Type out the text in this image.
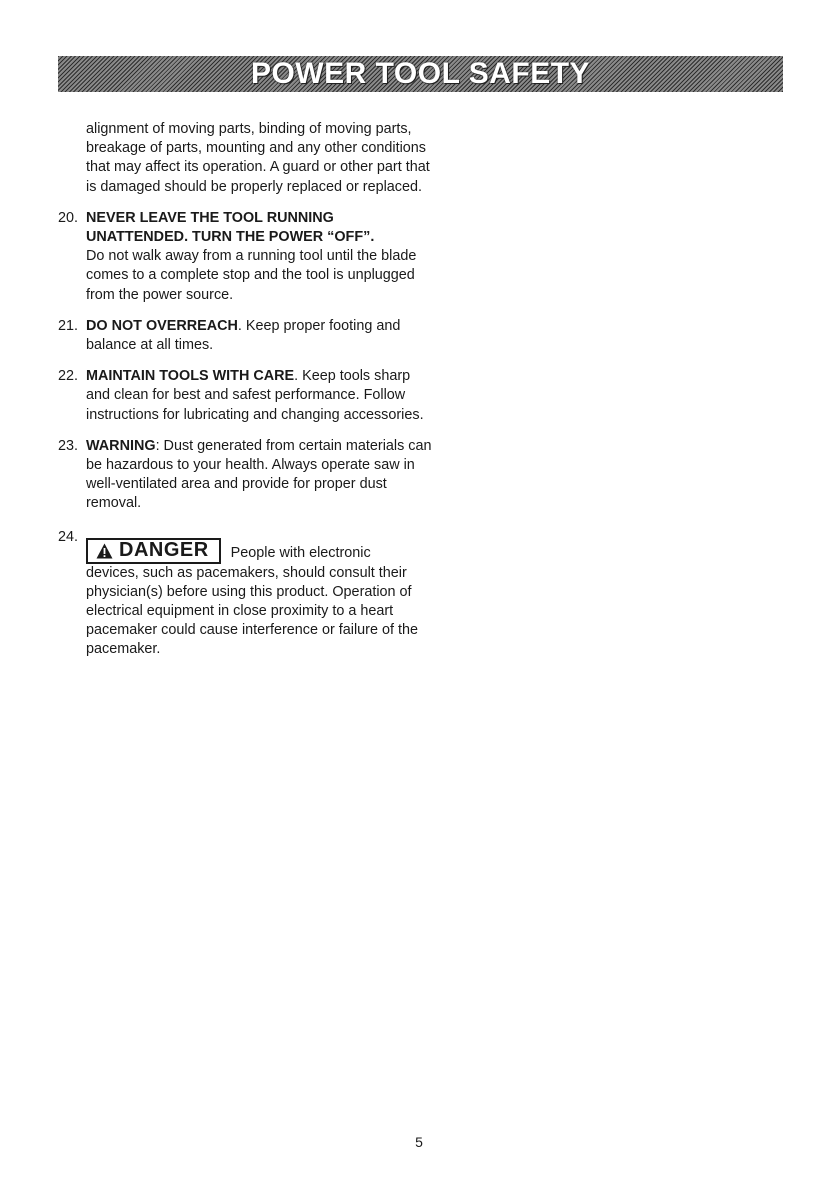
POWER TOOL SAFETY
alignment of moving parts, binding of moving parts, breakage of parts, mounting and any other conditions that may affect its operation. A guard or other part that is damaged should be properly replaced or replaced.
20. NEVER LEAVE THE TOOL RUNNING UNATTENDED. TURN THE POWER “OFF”.
Do not walk away from a running tool until the blade comes to a complete stop and the tool is unplugged from the power source.
21. DO NOT OVERREACH. Keep proper footing and balance at all times.
22. MAINTAIN TOOLS WITH CARE. Keep tools sharp and clean for best and safest performance. Follow instructions for lubricating and changing accessories.
23. WARNING: Dust generated from certain materials can be hazardous to your health. Always operate saw in well-ventilated area and provide for proper dust removal.
24.
DANGER People with electronic
devices, such as pacemakers, should consult their physician(s) before using this product. Operation of electrical equipment in close proximity to a heart pacemaker could cause interference or failure of the pacemaker.
5
